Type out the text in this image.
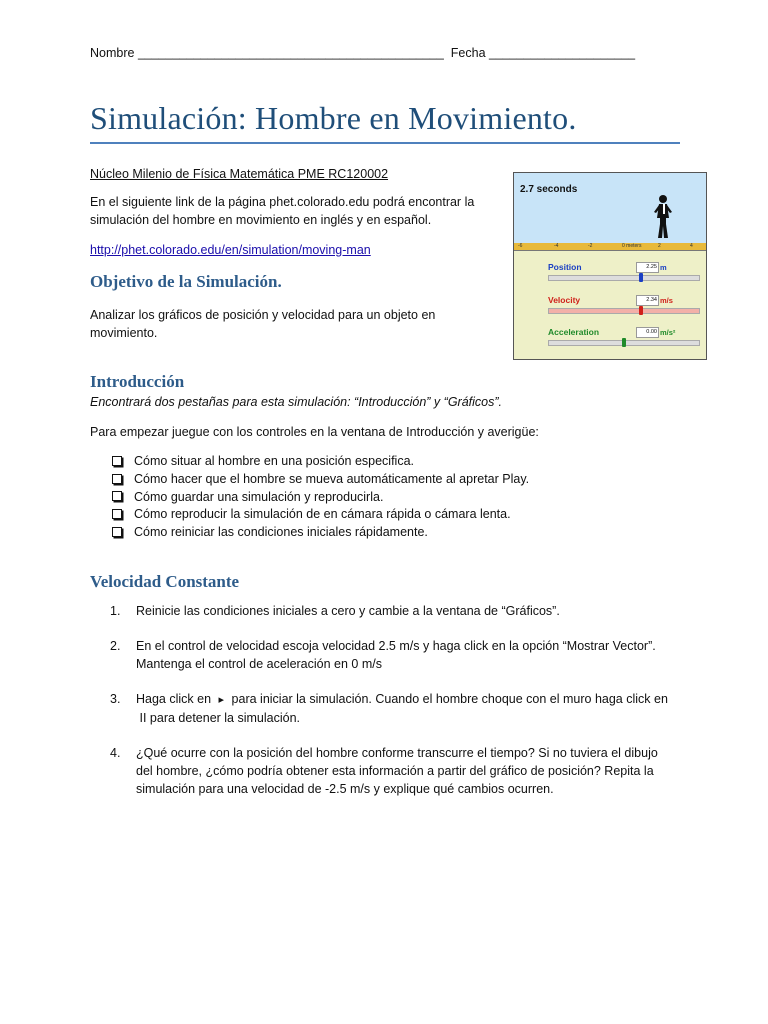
Nombre ____________________________________________ Fecha _____________________
Simulación: Hombre en Movimiento.
Núcleo Milenio de Física Matemática PME RC120002
En el siguiente link de la página phet.colorado.edu podrá encontrar la simulación del hombre en movimiento en inglés y en español.
http://phet.colorado.edu/en/simulation/moving-man
Objetivo de la Simulación.
Analizar los gráficos de posición y velocidad para un objeto en movimiento.
Introducción
Encontrará dos pestañas para esta simulación: “Introducción” y “Gráficos”.
Para empezar juegue con los controles en la ventana de Introducción y averigüe:
Cómo situar al hombre en una posición especifica.
Cómo hacer que el hombre se mueva automáticamente al apretar Play.
Cómo guardar una simulación y reproducirla.
Cómo reproducir la simulación de en cámara rápida o cámara lenta.
Cómo reiniciar las condiciones iniciales rápidamente.
Velocidad Constante
1.	Reinicie las condiciones iniciales a cero y cambie a la ventana de “Gráficos”.
2.	En el control de velocidad escoja velocidad 2.5 m/s y haga click en la opción “Mostrar Vector”. Mantenga el control de aceleración en 0 m/s
3.	Haga click en ▸ para iniciar la simulación. Cuando el hombre choque con el muro haga click en
II para detener la simulación.
4.	¿Qué ocurre con la posición del hombre conforme transcurre el tiempo? Si no tuviera el dibujo del hombre, ¿cómo podría obtener esta información a partir del gráfico de posición? Repita la simulación para una velocidad de -2.5 m/s y explique qué cambios ocurren.
2.7 seconds
-6	-4	-2	0 meters	2	4
Position	2.25 m
Velocity	2.34 m/s
Acceleration	0.00 m/s²
